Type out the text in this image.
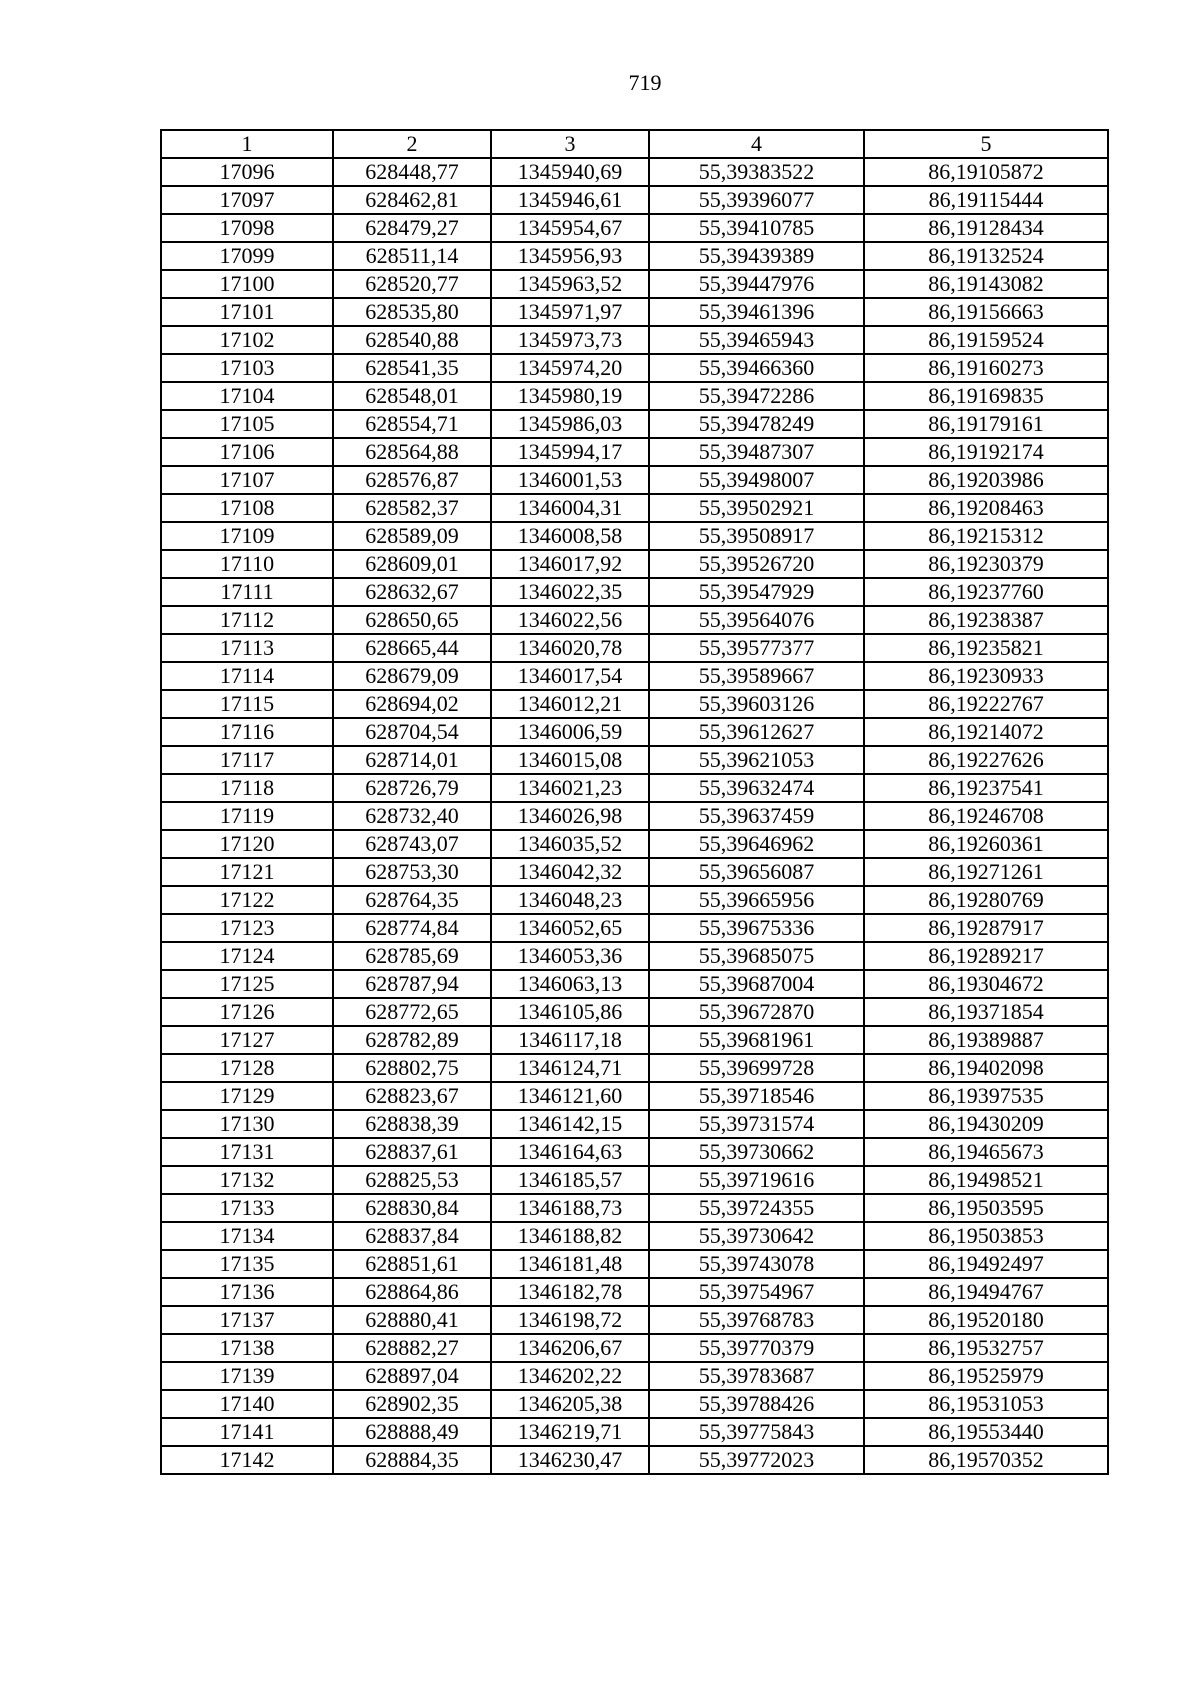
719
1	2	3	4	5
17096	628448,77	1345940,69	55,39383522	86,19105872
17097	628462,81	1345946,61	55,39396077	86,19115444
17098	628479,27	1345954,67	55,39410785	86,19128434
17099	628511,14	1345956,93	55,39439389	86,19132524
17100	628520,77	1345963,52	55,39447976	86,19143082
17101	628535,80	1345971,97	55,39461396	86,19156663
17102	628540,88	1345973,73	55,39465943	86,19159524
17103	628541,35	1345974,20	55,39466360	86,19160273
17104	628548,01	1345980,19	55,39472286	86,19169835
17105	628554,71	1345986,03	55,39478249	86,19179161
17106	628564,88	1345994,17	55,39487307	86,19192174
17107	628576,87	1346001,53	55,39498007	86,19203986
17108	628582,37	1346004,31	55,39502921	86,19208463
17109	628589,09	1346008,58	55,39508917	86,19215312
17110	628609,01	1346017,92	55,39526720	86,19230379
17111	628632,67	1346022,35	55,39547929	86,19237760
17112	628650,65	1346022,56	55,39564076	86,19238387
17113	628665,44	1346020,78	55,39577377	86,19235821
17114	628679,09	1346017,54	55,39589667	86,19230933
17115	628694,02	1346012,21	55,39603126	86,19222767
17116	628704,54	1346006,59	55,39612627	86,19214072
17117	628714,01	1346015,08	55,39621053	86,19227626
17118	628726,79	1346021,23	55,39632474	86,19237541
17119	628732,40	1346026,98	55,39637459	86,19246708
17120	628743,07	1346035,52	55,39646962	86,19260361
17121	628753,30	1346042,32	55,39656087	86,19271261
17122	628764,35	1346048,23	55,39665956	86,19280769
17123	628774,84	1346052,65	55,39675336	86,19287917
17124	628785,69	1346053,36	55,39685075	86,19289217
17125	628787,94	1346063,13	55,39687004	86,19304672
17126	628772,65	1346105,86	55,39672870	86,19371854
17127	628782,89	1346117,18	55,39681961	86,19389887
17128	628802,75	1346124,71	55,39699728	86,19402098
17129	628823,67	1346121,60	55,39718546	86,19397535
17130	628838,39	1346142,15	55,39731574	86,19430209
17131	628837,61	1346164,63	55,39730662	86,19465673
17132	628825,53	1346185,57	55,39719616	86,19498521
17133	628830,84	1346188,73	55,39724355	86,19503595
17134	628837,84	1346188,82	55,39730642	86,19503853
17135	628851,61	1346181,48	55,39743078	86,19492497
17136	628864,86	1346182,78	55,39754967	86,19494767
17137	628880,41	1346198,72	55,39768783	86,19520180
17138	628882,27	1346206,67	55,39770379	86,19532757
17139	628897,04	1346202,22	55,39783687	86,19525979
17140	628902,35	1346205,38	55,39788426	86,19531053
17141	628888,49	1346219,71	55,39775843	86,19553440
17142	628884,35	1346230,47	55,39772023	86,19570352
